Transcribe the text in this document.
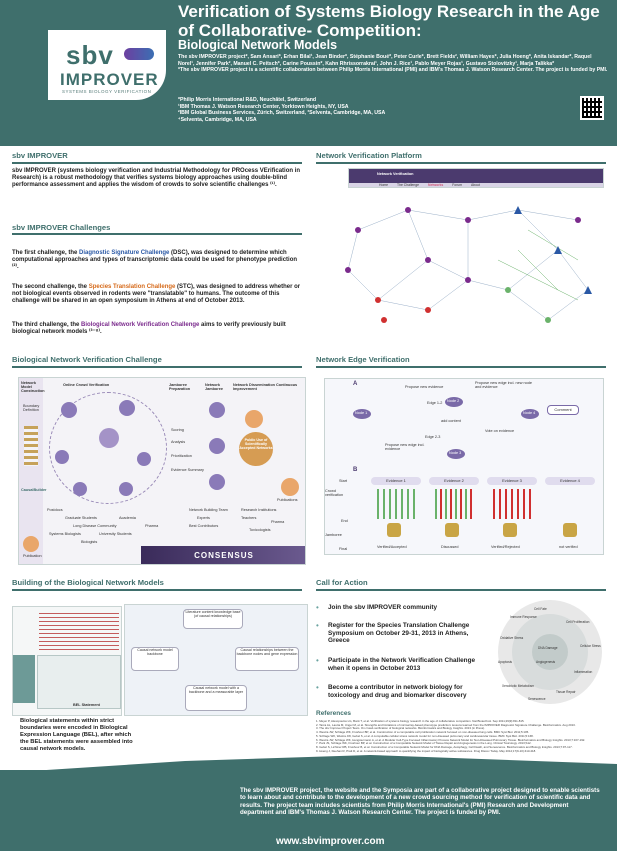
sbv
IMPROVER
SYSTEMS BIOLOGY VERIFICATION
Verification of Systems Biology Research in the Age of Collaborative- Competition:
Biological Network Models
The sbv IMPROVER project*, Sam Ansari*, Erhan Bilal¹, Jean Binder*, Stéphanie Boué*, Peter Curle*, Brett Fields², William Hayes*, Julia Hoeng*, Anita Iskandar*, Raquel Norel¹, Jennifer Park², Manuel C. Peitsch*, Carine Poussin*, Kahn Rhrissorrakrai¹, John J. Rice¹, Pablo Meyer Rojas¹, Gustavo Stolovitzky¹, Marja Talikka*
*The sbv IMPROVER project is a scientific collaboration between Philip Morris International (PMI) and IBM's Thomas J. Watson Research Center. The project is funded by PMI.
*Philip Morris International R&D, Neuchâtel, Switzerland
¹IBM Thomas J. Watson Research Center, Yorktown Heights, NY, USA
²IBM Global Business Services, Zürich, Switzerland, ³Selventa, Cambridge, MA, USA
⁴Selventa, Cambridge, MA, USA
sbv IMPROVER
sbv IMPROVER (systems biology verification and Industrial Methodology for PROcess VErification in Research) is a robust methodology that verifies systems biology approaches using double-blind performance assessment and applies the wisdom of crowds to solve scientific challenges ⁽¹⁾.
sbv IMPROVER Challenges
The first challenge, the Diagnostic Signature Challenge (DSC), was designed to determine which computational approaches and types of transcriptomic data could be used for phenotype prediction ⁽²⁾.
The second challenge, the Species Translation Challenge (STC), was designed to address whether or not biological events observed in rodents were "translatable" to humans. The outcome of this challenge will be shared in an open symposium in Athens at end of October 2013.
The third challenge, the Biological Network Verification Challenge aims to verify previously built biological network models ⁽³⁻⁸⁾.
Biological Network Verification Challenge
Network Model Construction
Online Crowd Verification	Jamboree Preparation
Network Jamboree
Network Dissemination Continuous Improvement
Boundary Definition
CausalBuilder
Publication
Scoring
Analysis
Prioritization
Evidence Summary
Public Use of Scientifically Accepted Networks
Publications
Postdocs
Graduate Students	Academia
Long Disease Community	Pharma
Systems Biologists	University Students
Biologists
Network Building Team
Experts
Best Contributors
Research Institutions
Teachers
Pharma
Toxicologists
CONSENSUS
Building of the Biological Network Models
BEL Statement
Literature content knowledge base (of causal relationships)
Causal network model backbone
Causal relationships between the backbone nodes and gene expression
Causal network model with a backbone and a measurable layer
Biological statements within strict boundaries were encoded in Biological Expression Language (BEL), after which the BEL statements were assembled into causal network models.
Network Verification Platform
Network Verification
Home	The Challenge	Networks	Forum	About
Network Edge Verification
A	Propose new evidence
Propose new edge incl. new node and evidence
Edge 1-2
Node 1
Node 2
Node 3
Node 4
add content
Edge 2-3
Vote on evidence
Propose new edge incl. evidence
Comment
B
Start
Crowd verification
End
Jamboree
Final
Evidence 1	Evidence 2	Evidence 3	Evidence 4
Verified/Accepted	Discussed	Verified/Rejected	not verified
Call for Action
• Join the sbv IMPROVER community
• Register for the Species Translation Challenge Symposium on October 29-31, 2013 in Athens, Greece
• Participate in the Network Verification Challenge when it opens in October 2013
• Become a contributor in network biology for toxicology and drug and biomarker discovery
Cell Fate
Cell Proliferation
Cellular Stress
Inflammation
Tissue Repair
Senescence
Xenobiotic Metabolism
Apoptosis
Oxidative Stress
Immune Response
DNA Damage
Angiogenesis
References
1. Meyer P, Alexopoulos LG, Bonk T, et al. Verification of systems biology research in the age of collaborative competition. Nat Biotechnol. Sep 2011;29(9):811-815.
2. Tarca AL, Lauria M, Unger M, et al. Strengths and limitations of microarray-based phenotype prediction: lessons learned from the IMPROVER Diagnostic Signature Challenge. Bioinformatics. Aug 2013.
3. The sbv Improver Project Team. On crowd-verification of biological networks. Bioinformatics and Biology Insights. 2013 (in Press).
4. Westra JW, Schlage WK, Frushour BP, et al. Construction of a computable cell proliferation network focused on non-diseased lung cells. BMC Syst Biol. 2011;5:105.
5. Schlage WK, Westra JW, Gebel S, et al. A computable cellular stress network model for non-diseased pulmonary and cardiovascular tissue. BMC Syst Biol. 2011;5:168.
6. Westra JW, Schlage WK, Hengstermann A, et al. A Modular Cell-Type Focused Inflammatory Process Network Model for Non-Diseased Pulmonary Tissue. Bioinformatics and Biology Insights. 2013;7:167-192.
7. Park JS, Schlage WK, Frushour BP, et al. Construction of a Computable Network Model of Tissue Repair and Angiogenesis in the Lung. Clinical Toxicology. 2013;S12.
8. Gebel S, Lichtner RB, Frushour B, et al. Construction of a Computable Network Model for DNA Damage, Autophagy, Cell Death, and Senescence. Bioinformatics and Biology Insights. 2013;7:97-117.
9. Hoeng J, Deehan R, Pratt D, et al. A network-based approach to quantifying the impact of biologically active substances. Drug Discov Today. May 2012;17(9-10):413-418.
The sbv IMPROVER project, the website and the Symposia are part of a collaborative project designed to enable scientists to learn about and contribute to the development of a new crowd sourcing method for verification of scientific data and results. The project team includes scientists from Philip Morris International's (PMI) Research and Development department and IBM's Thomas J. Watson Research Center. The project is funded by PMI.
www.sbvimprover.com
